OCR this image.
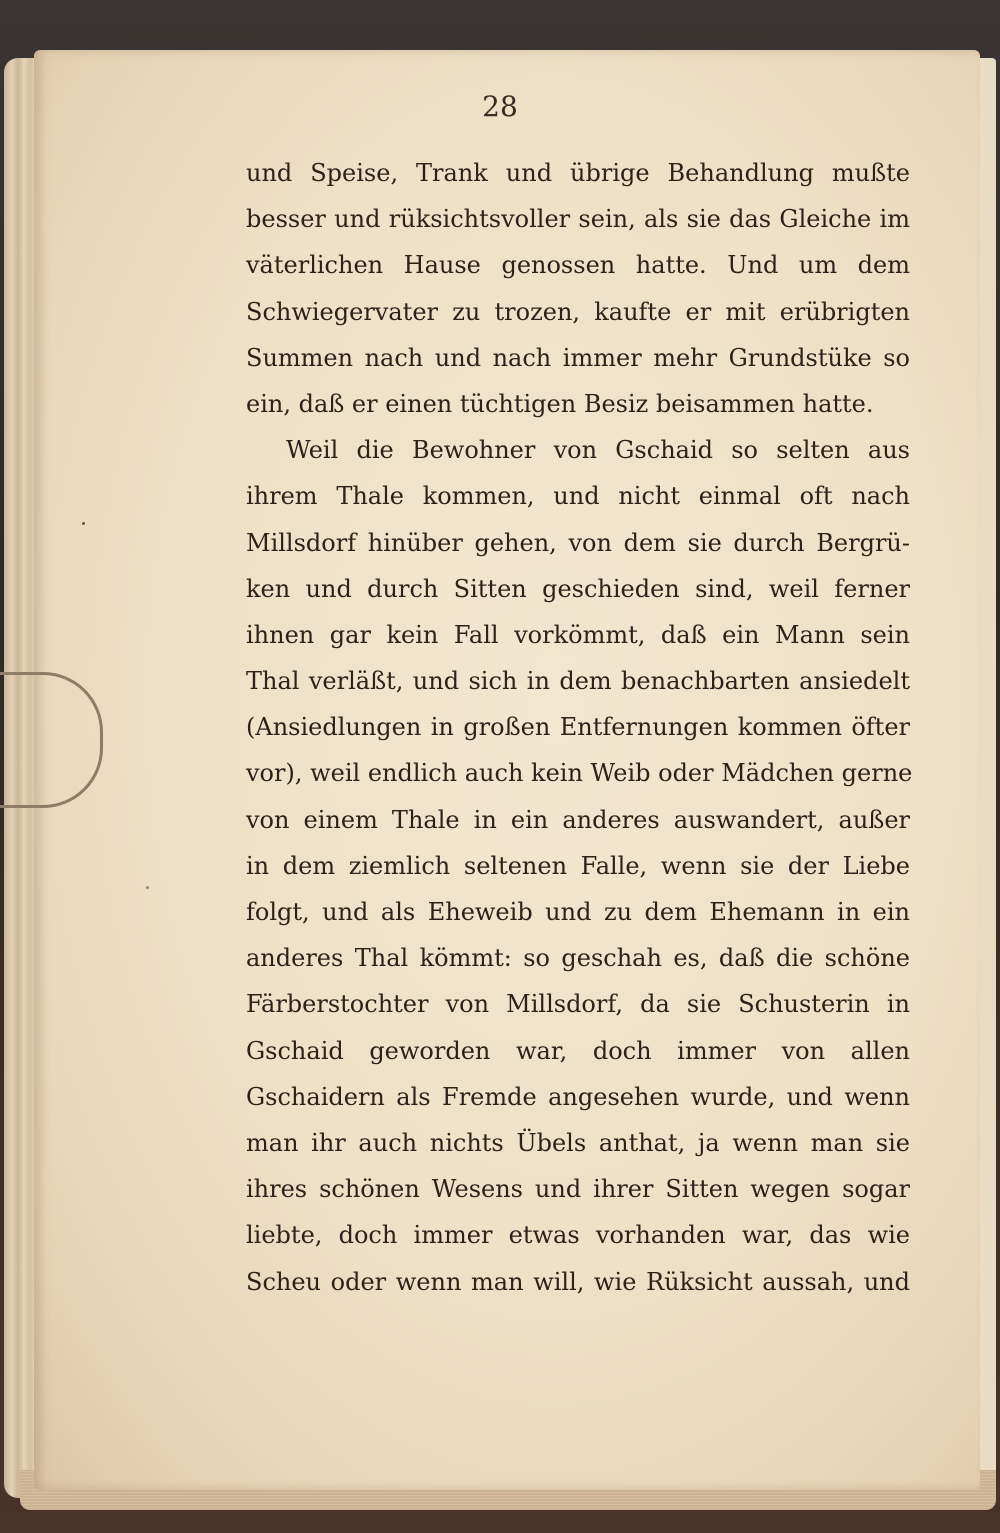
28
und Speise, Trank und übrige Behandlung mußte
besser und rüksichtsvoller sein, als sie das Gleiche im
väterlichen Hause genossen hatte. Und um dem
Schwiegervater zu trozen, kaufte er mit erübrigten
Summen nach und nach immer mehr Grundstüke so
ein, daß er einen tüchtigen Besiz beisammen hatte.
Weil die Bewohner von Gschaid so selten aus
ihrem Thale kommen, und nicht einmal oft nach
Millsdorf hinüber gehen, von dem sie durch Bergrü-
ken und durch Sitten geschieden sind, weil ferner
ihnen gar kein Fall vorkömmt, daß ein Mann sein
Thal verläßt, und sich in dem benachbarten ansiedelt
(Ansiedlungen in großen Entfernungen kommen öfter
vor), weil endlich auch kein Weib oder Mädchen gerne
von einem Thale in ein anderes auswandert, außer
in dem ziemlich seltenen Falle, wenn sie der Liebe
folgt, und als Eheweib und zu dem Ehemann in ein
anderes Thal kömmt: so geschah es, daß die schöne
Färberstochter von Millsdorf, da sie Schusterin in
Gschaid geworden war, doch immer von allen
Gschaidern als Fremde angesehen wurde, und wenn
man ihr auch nichts Übels anthat, ja wenn man sie
ihres schönen Wesens und ihrer Sitten wegen sogar
liebte, doch immer etwas vorhanden war, das wie
Scheu oder wenn man will, wie Rüksicht aussah, und
